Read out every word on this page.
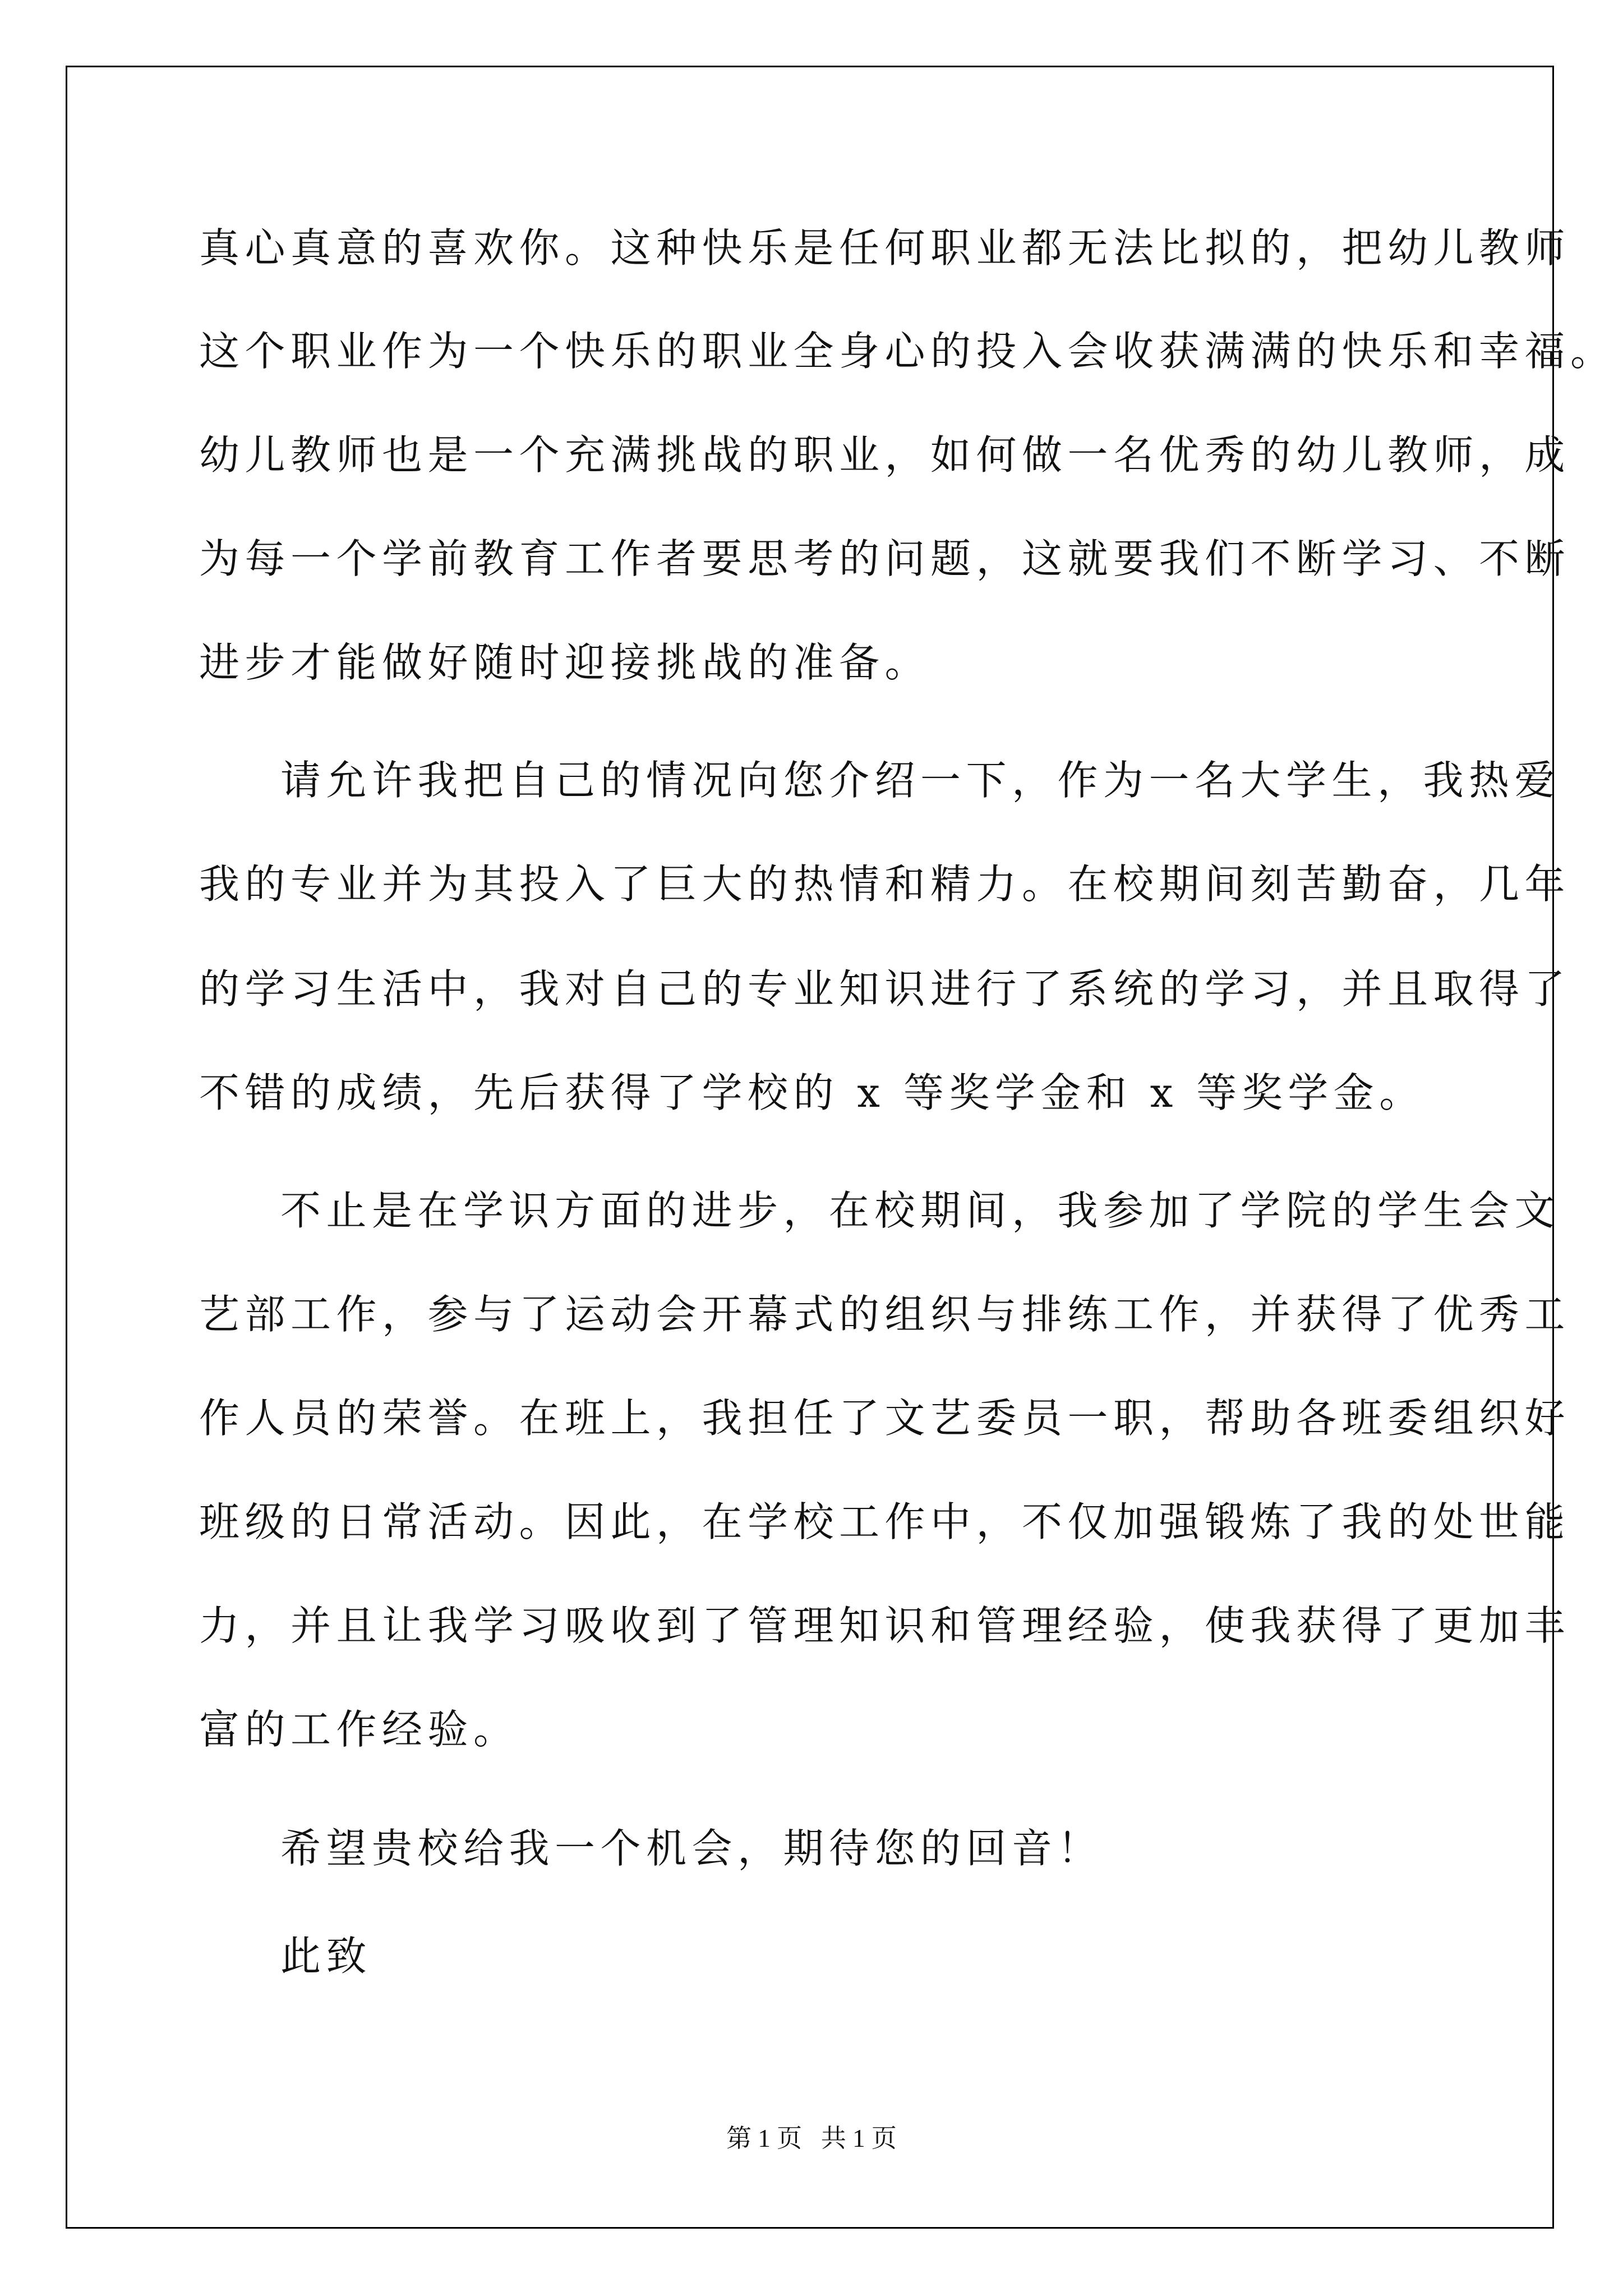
真心真意的喜欢你。这种快乐是任何职业都无法比拟的，把幼儿教师
这个职业作为一个快乐的职业全身心的投入会收获满满的快乐和幸福。
幼儿教师也是一个充满挑战的职业，如何做一名优秀的幼儿教师，成
为每一个学前教育工作者要思考的问题，这就要我们不断学习、不断
进步才能做好随时迎接挑战的准备。
请允许我把自己的情况向您介绍一下，作为一名大学生，我热爱
我的专业并为其投入了巨大的热情和精力。在校期间刻苦勤奋，几年
的学习生活中，我对自己的专业知识进行了系统的学习，并且取得了
不错的成绩，先后获得了学校的 x 等奖学金和 x 等奖学金。
不止是在学识方面的进步，在校期间，我参加了学院的学生会文
艺部工作，参与了运动会开幕式的组织与排练工作，并获得了优秀工
作人员的荣誉。在班上，我担任了文艺委员一职，帮助各班委组织好
班级的日常活动。因此，在学校工作中，不仅加强锻炼了我的处世能
力，并且让我学习吸收到了管理知识和管理经验，使我获得了更加丰
富的工作经验。
希望贵校给我一个机会，期待您的回音！
此致
第 1 页   共 1 页
